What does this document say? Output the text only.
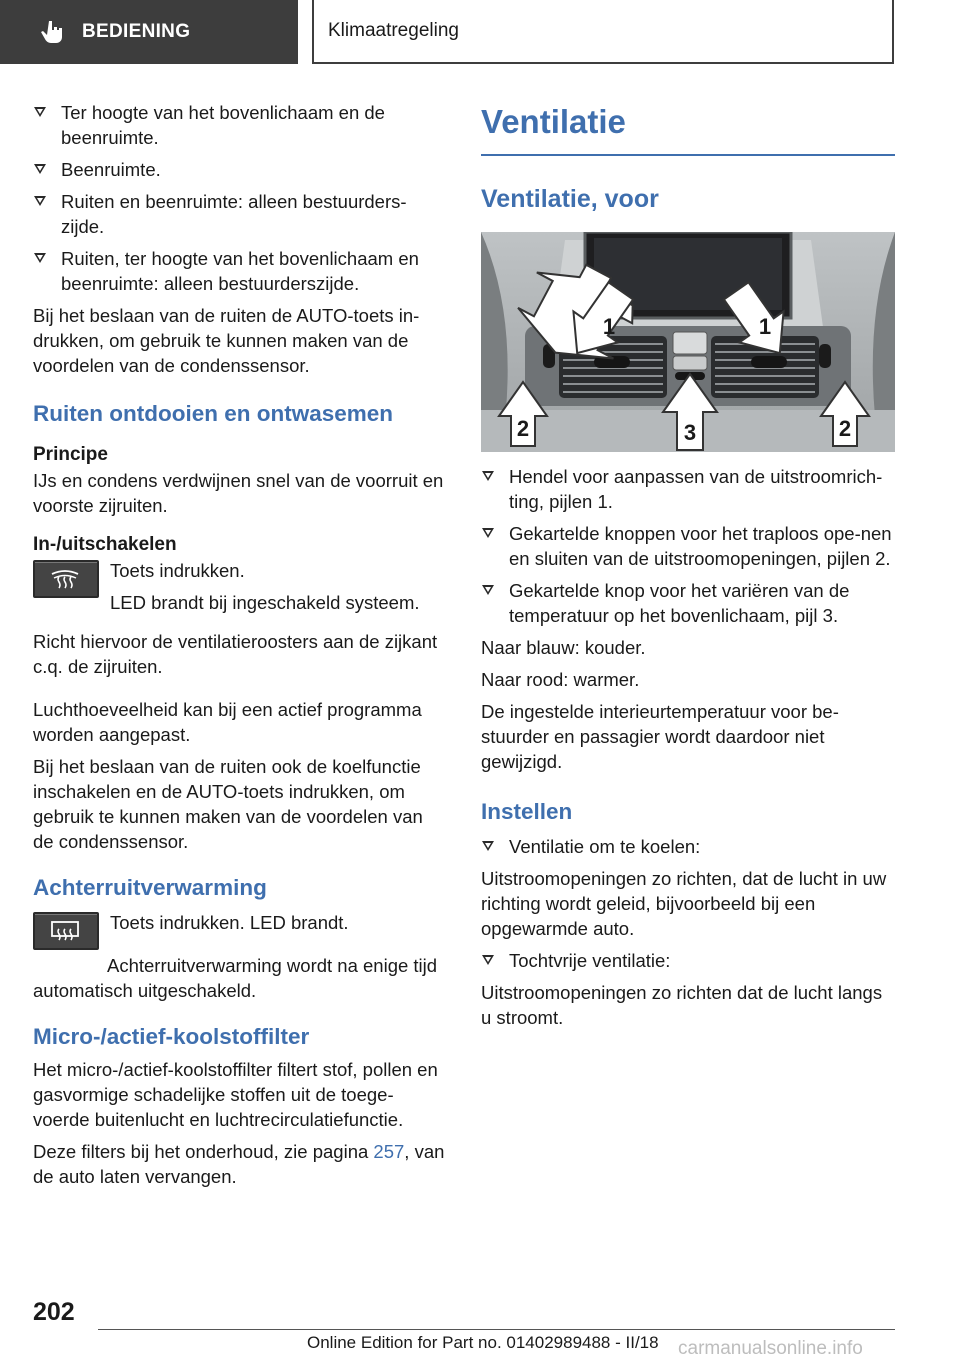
BEDIENING	Klimaatregeling
Ter hoogte van het bovenlichaam en de beenruimte.
Beenruimte.
Ruiten en beenruimte: alleen bestuurders-zijde.
Ruiten, ter hoogte van het bovenlichaam en beenruimte: alleen bestuurderszijde.

Bij het beslaan van de ruiten de AUTO-toets in-drukken, om gebruik te kunnen maken van de voordelen van de condenssensor.

Ruiten ontdooien en ontwasemen
Principe

IJs en condens verdwijnen snel van de voorruit en voorste zijruiten.

In-/uitschakelen

Toets indrukken.

LED brandt bij ingeschakeld systeem.

Richt hiervoor de ventilatieroosters aan de zijkant c.q. de zijruiten.

Luchthoeveelheid kan bij een actief programma worden aangepast.

Bij het beslaan van de ruiten ook de koelfunctie inschakelen en de AUTO-toets indrukken, om gebruik te kunnen maken van de voordelen van de condenssensor.

Achterruitverwarming

Toets indrukken. LED brandt.

Achterruitverwarming wordt na enige tijd automatisch uitgeschakeld.

Micro-/actief-koolstoffilter

Het micro-/actief-koolstoffilter filtert stof, pollen en gasvormige schadelijke stoffen uit de toege-voerde buitenlucht en luchtrecirculatiefunctie.

Deze filters bij het onderhoud, zie pagina 257, van de auto laten vervangen.

Ventilatie
Ventilatie, voor
1	1
2	3	2
Hendel voor aanpassen van de uitstroomrich-ting, pijlen 1.
Gekartelde knoppen voor het traploos ope-nen en sluiten van de uitstroomopeningen, pijlen 2.
Gekartelde knop voor het variëren van de temperatuur op het bovenlichaam, pijl 3.

Naar blauw: kouder.

Naar rood: warmer.

De ingestelde interieurtemperatuur voor be-stuurder en passagier wordt daardoor niet gewijzigd.

Instellen
Ventilatie om te koelen:

Uitstroomopeningen zo richten, dat de lucht in uw richting wordt geleid, bijvoorbeeld bij een opgewarmde auto.

Tochtvrije ventilatie:

Uitstroomopeningen zo richten dat de lucht langs u stroomt.

202
Online Edition for Part no. 01402989488 - II/18 carmanualsonline.info
